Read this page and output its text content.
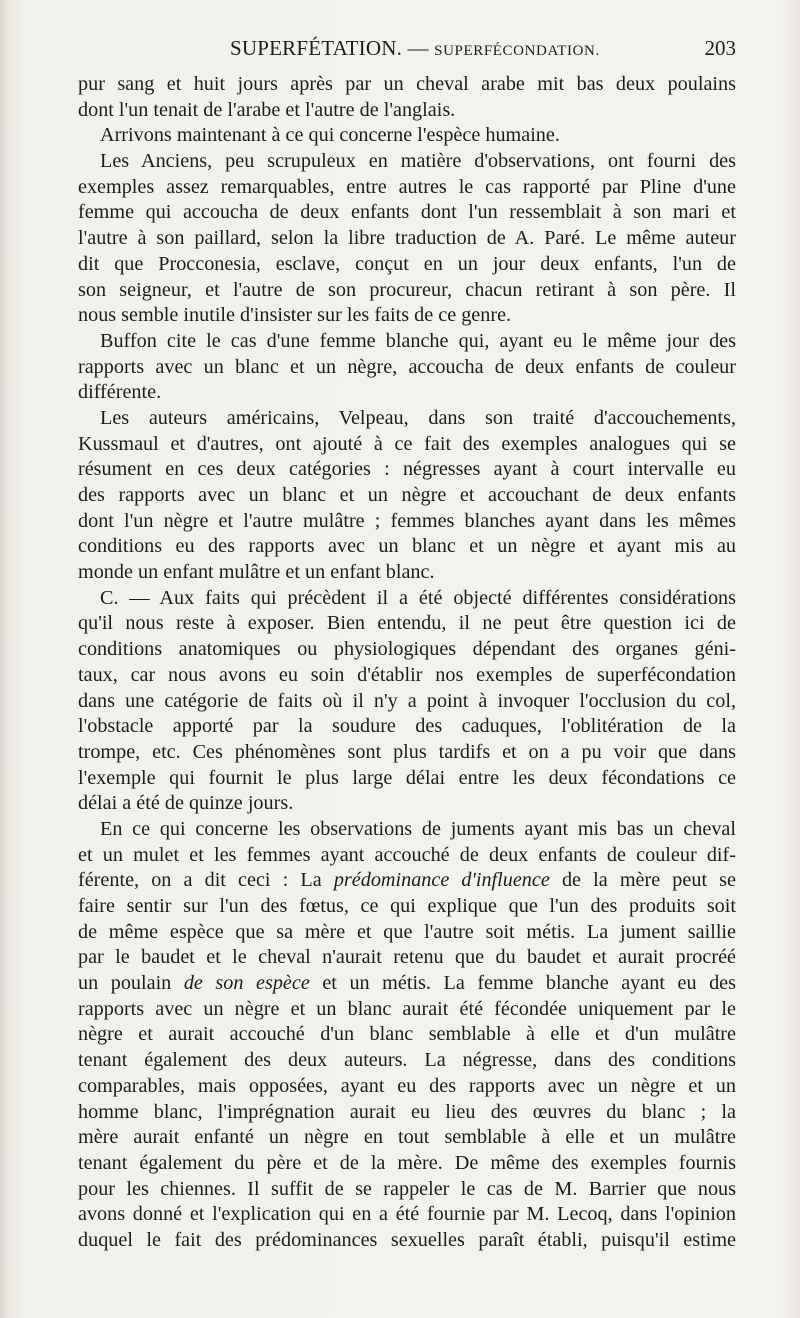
SUPERFÉTATION. — SUPERFÉCONDATION.	203
pur sang et huit jours après par un cheval arabe mit bas deux poulains
dont l'un tenait de l'arabe et l'autre de l'anglais.
Arrivons maintenant à ce qui concerne l'espèce humaine.
Les Anciens, peu scrupuleux en matière d'observations, ont fourni des
exemples assez remarquables, entre autres le cas rapporté par Pline d'une
femme qui accoucha de deux enfants dont l'un ressemblait à son mari et
l'autre à son paillard, selon la libre traduction de A. Paré. Le même auteur
dit que Procconesia, esclave, conçut en un jour deux enfants, l'un de
son seigneur, et l'autre de son procureur, chacun retirant à son père. Il
nous semble inutile d'insister sur les faits de ce genre.
Buffon cite le cas d'une femme blanche qui, ayant eu le même jour des
rapports avec un blanc et un nègre, accoucha de deux enfants de couleur
différente.
Les auteurs américains, Velpeau, dans son traité d'accouchements,
Kussmaul et d'autres, ont ajouté à ce fait des exemples analogues qui se
résument en ces deux catégories : négresses ayant à court intervalle eu
des rapports avec un blanc et un nègre et accouchant de deux enfants
dont l'un nègre et l'autre mulâtre ; femmes blanches ayant dans les mêmes
conditions eu des rapports avec un blanc et un nègre et ayant mis au
monde un enfant mulâtre et un enfant blanc.
C. — Aux faits qui précèdent il a été objecté différentes considérations
qu'il nous reste à exposer. Bien entendu, il ne peut être question ici de
conditions anatomiques ou physiologiques dépendant des organes géni-
taux, car nous avons eu soin d'établir nos exemples de superfécondation
dans une catégorie de faits où il n'y a point à invoquer l'occlusion du col,
l'obstacle apporté par la soudure des caduques, l'oblitération de la
trompe, etc. Ces phénomènes sont plus tardifs et on a pu voir que dans
l'exemple qui fournit le plus large délai entre les deux fécondations ce
délai a été de quinze jours.
En ce qui concerne les observations de juments ayant mis bas un cheval
et un mulet et les femmes ayant accouché de deux enfants de couleur dif-
férente, on a dit ceci : La prédominance d'influence de la mère peut se
faire sentir sur l'un des fœtus, ce qui explique que l'un des produits soit
de même espèce que sa mère et que l'autre soit métis. La jument saillie
par le baudet et le cheval n'aurait retenu que du baudet et aurait procréé
un poulain de son espèce et un métis. La femme blanche ayant eu des
rapports avec un nègre et un blanc aurait été fécondée uniquement par le
nègre et aurait accouché d'un blanc semblable à elle et d'un mulâtre
tenant également des deux auteurs. La négresse, dans des conditions
comparables, mais opposées, ayant eu des rapports avec un nègre et un
homme blanc, l'imprégnation aurait eu lieu des œuvres du blanc ; la
mère aurait enfanté un nègre en tout semblable à elle et un mulâtre
tenant également du père et de la mère. De même des exemples fournis
pour les chiennes. Il suffit de se rappeler le cas de M. Barrier que nous
avons donné et l'explication qui en a été fournie par M. Lecoq, dans l'opinion
duquel le fait des prédominances sexuelles paraît établi, puisqu'il estime
